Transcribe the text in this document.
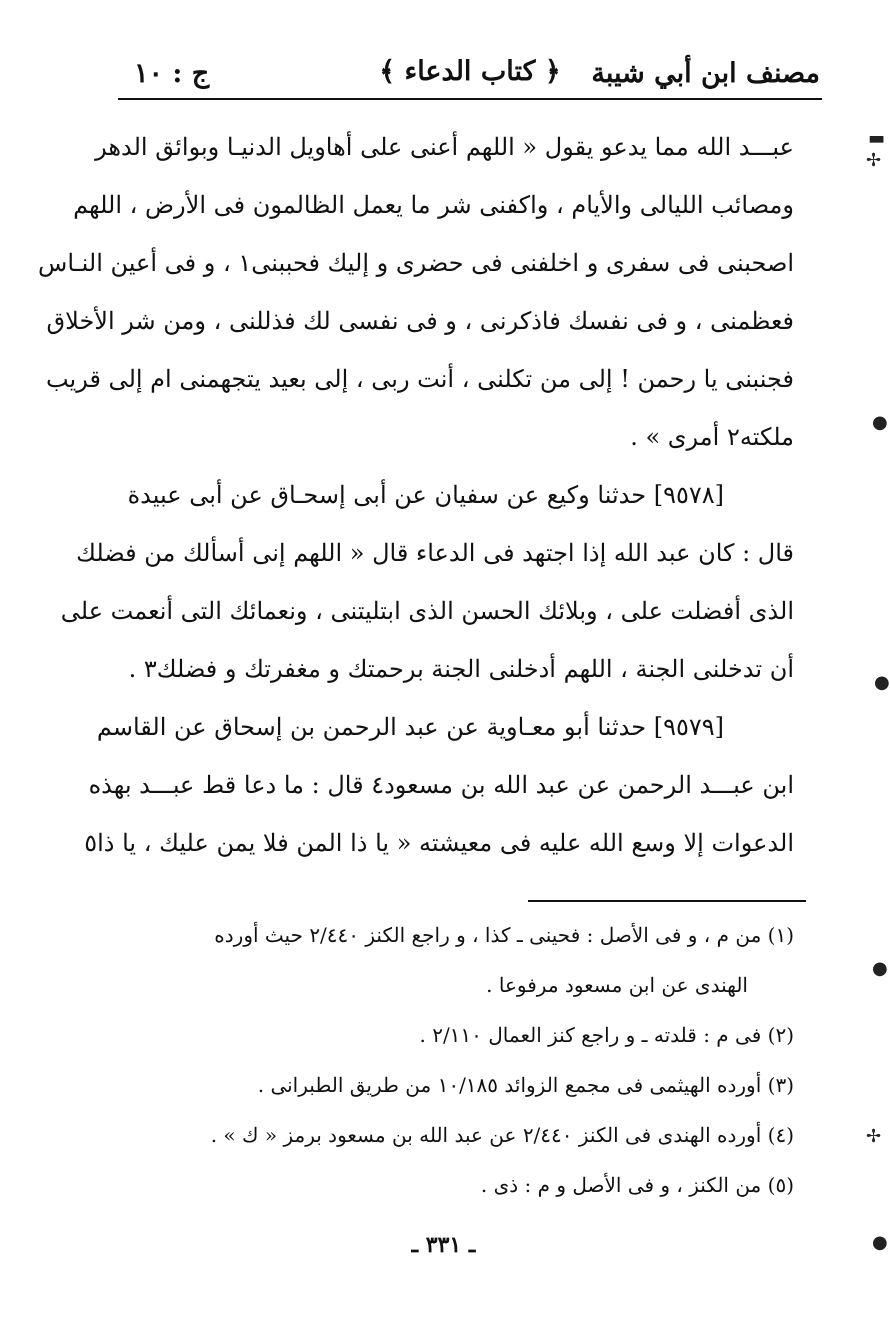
مصنف ابن أبي شيبة
﴿ كتاب الدعاء ﴾
ج : ١٠
عبـــد الله مما يدعو يقول « اللهم أعنى على أهاويل الدنيـا وبوائق الدهر
ومصائب الليالى والأيام ، واكفنى شر ما يعمل الظالمون فى الأرض ، اللهم
اصحبنى فى سفرى و اخلفنى فى حضرى و إليك فحببنى١ ، و فى أعين النـاس
فعظمنى ، و فى نفسك فاذكرنى ، و فى نفسى لك فذللنى ، ومن شر الأخلاق
فجنبنى يا رحمن ! إلى من تكلنى ، أنت ربى ، إلى بعيد يتجهمنى ام إلى قريب
ملكته٢ أمرى » .
[٩٥٧٨] حدثنا وكيع عن سفيان عن أبى إسحـاق عن أبى عبيدة
قال : كان عبد الله إذا اجتهد فى الدعاء قال « اللهم إنى أسألك من فضلك
الذى أفضلت على ، وبلائك الحسن الذى ابتليتنى ، ونعمائك التى أنعمت على
أن تدخلنى الجنة ، اللهم أدخلنى الجنة برحمتك و مغفرتك و فضلك٣ .
[٩٥٧٩] حدثنا أبو معـاوية عن عبد الرحمن بن إسحاق عن القاسم
ابن عبـــد الرحمن عن عبد الله بن مسعود٤ قال : ما دعا قط عبـــد بهذه
الدعوات إلا وسع الله عليه فى معيشته « يا ذا المن فلا يمن عليك ، يا ذا٥
(١) من م ، و فى الأصل : فحينى ـ كذا ، و راجع الكنز ٢/٤٤٠ حيث أورده
الهندى عن ابن مسعود مرفوعا .
(٢) فى م : قلدته ـ و راجع كنز العمال ٢/١١٠ .
(٣) أورده الهيثمى فى مجمع الزوائد ١٠/١٨٥ من طريق الطبرانى .
(٤) أورده الهندى فى الكنز ٢/٤٤٠ عن عبد الله بن مسعود برمز « ك » .
(٥) من الكنز ، و فى الأصل و م : ذى .
ـ ٣٣١ ـ
▬
✢
●
●
●
✢
●
